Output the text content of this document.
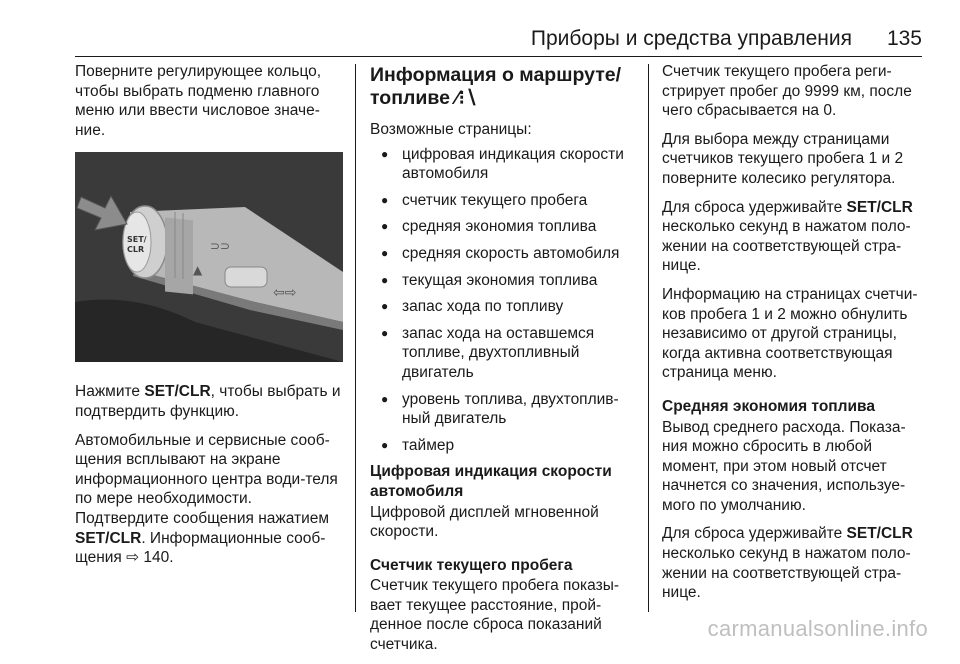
Приборы и средства управления 135

Поверните регулирующее кольцо, чтобы выбрать подменю главного меню или ввести числовое значе-ние.

⊃⊃
▲
⇦⇨
SET/
CLR

Нажмите SET/CLR, чтобы выбрать и подтвердить функцию.

Автомобильные и сервисные сооб-щения всплывают на экране информационного центра води-теля по мере необходимости.

Подтвердите сообщения нажатием SET/CLR. Информационные сооб-щения ⇨ 140.

Информация о маршруте/ топливе ⁄⁝∖

Возможные страницы:

● цифровая индикация скорости автомобиля
● счетчик текущего пробега
● средняя экономия топлива
● средняя скорость автомобиля
● текущая экономия топлива
● запас хода по топливу
● запас хода на оставшемся топливе, двухтопливный двигатель
● уровень топлива, двухтоплив-ный двигатель
● таймер
Цифровая индикация скорости автомобиля

Цифровой дисплей мгновенной скорости.

Счетчик текущего пробега

Счетчик текущего пробега показы-вает текущее расстояние, прой-денное после сброса показаний счетчика.

Счетчик текущего пробега реги-стрирует пробег до 9999 км, после чего сбрасывается на 0.

Для выбора между страницами счетчиков текущего пробега 1 и 2 поверните колесико регулятора.

Для сброса удерживайте SET/CLR несколько секунд в нажатом поло-жении на соответствующей стра-нице.

Информацию на страницах счетчи-ков пробега 1 и 2 можно обнулить независимо от другой страницы, когда активна соответствующая страница меню.

Средняя экономия топлива

Вывод среднего расхода. Показа-ния можно сбросить в любой момент, при этом новый отсчет начнется со значения, используе-мого по умолчанию.

Для сброса удерживайте SET/CLR несколько секунд в нажатом поло-жении на соответствующей стра-нице.

carmanualsonline.info
